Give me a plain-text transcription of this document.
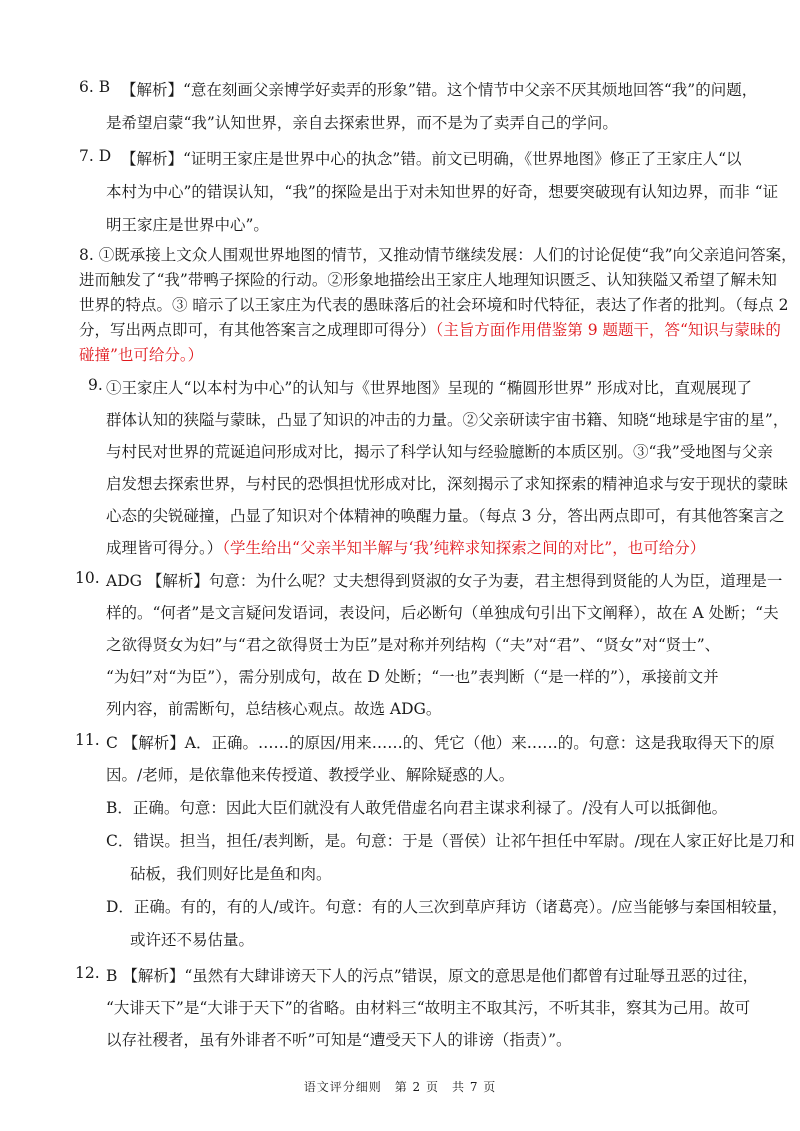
6. B 【解析】“意在刻画父亲博学好卖弄的形象”错。这个情节中父亲不厌其烦地回答“我”的问题，
是希望启蒙“我”认知世界，亲自去探索世界，而不是为了卖弄自己的学问。
7. D 【解析】“证明王家庄是世界中心的执念”错。前文已明确，《世界地图》修正了王家庄人“以
本村为中心”的错误认知，“我”的探险是出于对未知世界的好奇，想要突破现有认知边界，而非 “证
明王家庄是世界中心”。
8. ①既承接上文众人围观世界地图的情节，又推动情节继续发展：人们的讨论促使“我”向父亲追问答案，
进而触发了“我”带鸭子探险的行动。②形象地描绘出王家庄人地理知识匮乏、认知狭隘又希望了解未知
世界的特点。③ 暗示了以王家庄为代表的愚昧落后的社会环境和时代特征，表达了作者的批判。（每点 2
分，写出两点即可，有其他答案言之成理即可得分）（主旨方面作用借鉴第 9 题题干，答“知识与蒙昧的
碰撞”也可给分。）
9. ①王家庄人“以本村为中心”的认知与《世界地图》呈现的 “椭圆形世界” 形成对比，直观展现了
群体认知的狭隘与蒙昧，凸显了知识的冲击的力量。②父亲研读宇宙书籍、知晓“地球是宇宙的星”，
与村民对世界的荒诞追问形成对比，揭示了科学认知与经验臆断的本质区别。③“我”受地图与父亲
启发想去探索世界，与村民的恐惧担忧形成对比，深刻揭示了求知探索的精神追求与安于现状的蒙昧
心态的尖锐碰撞，凸显了知识对个体精神的唤醒力量。（每点 3 分，答出两点即可，有其他答案言之
成理皆可得分。）（学生给出“父亲半知半解与‘我’纯粹求知探索之间的对比”，也可给分）
10. ADG 【解析】句意：为什么呢？丈夫想得到贤淑的女子为妻，君主想得到贤能的人为臣，道理是一
样的。“何者”是文言疑问发语词，表设问，后必断句（单独成句引出下文阐释），故在 A 处断；“夫
之欲得贤女为妇”与“君之欲得贤士为臣”是对称并列结构（“夫”对“君”、“贤女”对“贤士”、
“为妇”对“为臣”），需分别成句，故在 D 处断；“一也”表判断（“是一样的”），承接前文并
列内容，前需断句，总结核心观点。故选 ADG。
11. C 【解析】A．正确。……的原因/用来……的、凭它（他）来……的。句意：这是我取得天下的原
因。/老师，是依靠他来传授道、教授学业、解除疑惑的人。
B．正确。句意：因此大臣们就没有人敢凭借虚名向君主谋求利禄了。/没有人可以抵御他。
C．错误。担当，担任/表判断，是。句意：于是（晋侯）让祁午担任中军尉。/现在人家正好比是刀和
砧板，我们则好比是鱼和肉。
D．正确。有的，有的人/或许。句意：有的人三次到草庐拜访（诸葛亮）。/应当能够与秦国相较量，
或许还不易估量。
12. B 【解析】“虽然有大肆诽谤天下人的污点”错误，原文的意思是他们都曾有过耻辱丑恶的过往，
“大诽天下”是“大诽于天下”的省略。由材料三“故明主不取其污，不听其非，察其为己用。故可
以存社稷者，虽有外诽者不听”可知是“遭受天下人的诽谤（指责）”。
语文评分细则　第 2 页　共 7 页
